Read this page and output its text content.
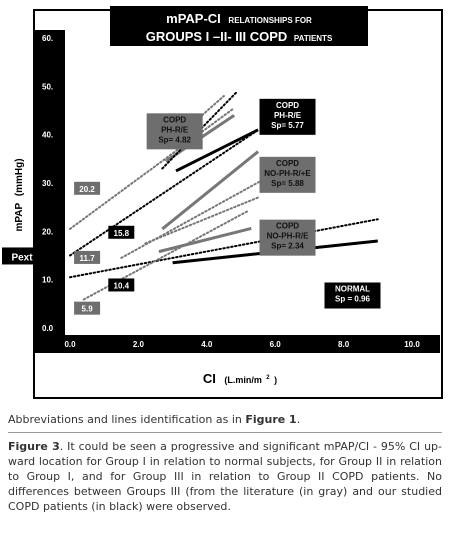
mPAP-CI RELATIONSHIPS FOR
GROUPS I –II- III COPD PATIENTS
mPAP (mmHg)
CI (L.min/m $^2$ $_)$
0.0
10.
20.
30.
40.
50.
60.
0.0	2.0	4.0	6.0	8.0	10.0
20.2
15.8
11.7
10.4
5.9
COPD
PH-R/E
Sp= 4.82
COPD
PH-R/E
Sp= 5.77
COPD
NO-PH-R/+E
Sp= 5.88
COPD
NO-PH-R/E
Sp= 2.34
NORMAL
Sp = 0.96
Pext
Abbreviations and lines identification as in Figure 1.
Figure 3. It could be seen a progressive and significant mPAP/CI - 95% CI up-ward location for Group I in relation to normal subjects, for Group II in relation to Group I, and for Group III in relation to Group II COPD patients. No differences between Groups III (from the literature (in gray) and our studied COPD patients (in black) were observed.
